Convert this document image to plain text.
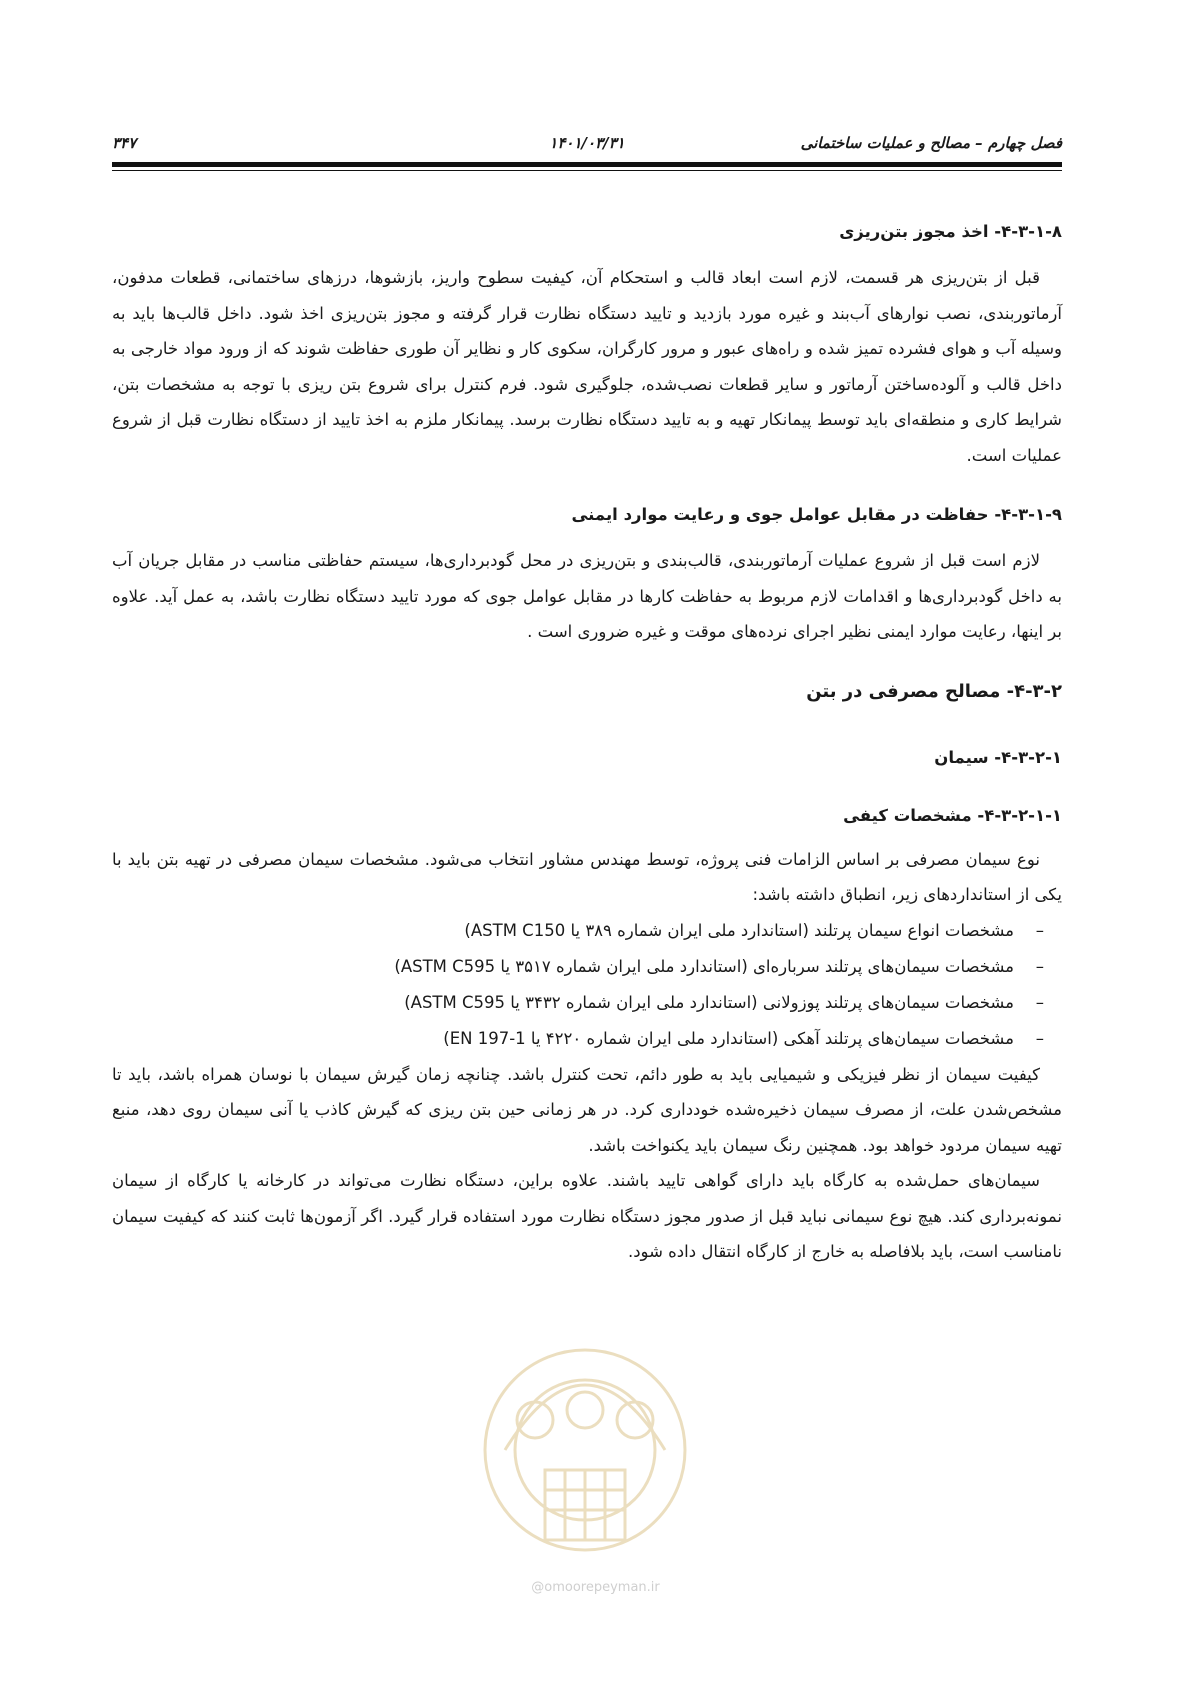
فصل چهارم – مصالح و عملیات ساختمانی
۱۴۰۱/۰۳/۳۱
۳۴۷
۴-۳-۱-۸- اخذ مجوز بتن‌ریزی

قبل از بتن‌ریزی هر قسمت، لازم است ابعاد قالب و استحکام آن، کیفیت سطوح واریز، بازشوها، درزهای ساختمانی، قطعات مدفون، آرماتوربندی، نصب نوارهای آب‌بند و غیره مورد بازدید و تایید دستگاه نظارت قرار گرفته و مجوز بتن‌ریزی اخذ شود. داخل قالب‌ها باید به وسیله آب و هوای فشرده تمیز شده و راه‌های عبور و مرور کارگران، سکوی کار و نظایر آن طوری حفاظت شوند که از ورود مواد خارجی به داخل قالب و آلوده‌ساختن آرماتور و سایر قطعات نصب‌شده، جلوگیری شود. فرم کنترل برای شروع بتن ریزی با توجه به مشخصات بتن، شرایط کاری و منطقه‌ای باید توسط پیمانکار تهیه و به تایید دستگاه نظارت برسد. پیمانکار ملزم به اخذ تایید از دستگاه نظارت قبل از شروع عملیات است.

۴-۳-۱-۹- حفاظت در مقابل عوامل جوی و رعایت موارد ایمنی

لازم است قبل از شروع عملیات آرماتوربندی، قالب‌بندی و بتن‌ریزی در محل گودبرداری‌ها، سیستم حفاظتی مناسب در مقابل جریان آب به داخل گودبرداری‌ها و اقدامات لازم مربوط به حفاظت کارها در مقابل عوامل جوی که مورد تایید دستگاه نظارت باشد، به عمل آید. علاوه بر اینها، رعایت موارد ایمنی نظیر اجرای نرده‌های موقت و غیره ضروری است .

۴-۳-۲- مصالح مصرفی در بتن
۴-۳-۲-۱- سیمان
۴-۳-۲-۱-۱- مشخصات کیفی

نوع سیمان مصرفی بر اساس الزامات فنی پروژه، توسط مهندس مشاور انتخاب می‌شود. مشخصات سیمان مصرفی در تهیه بتن باید با یکی از استانداردهای زیر، انطباق داشته باشد:

–
مشخصات انواع سیمان پرتلند (استاندارد ملی ایران شماره ۳۸۹ یا ASTM C150)
–
مشخصات سیمان‌های پرتلند سرباره‌ای (استاندارد ملی ایران شماره ۳۵۱۷ یا ASTM C595)
–
مشخصات سیمان‌های پرتلند پوزولانی (استاندارد ملی ایران شماره ۳۴۳۲ یا ASTM C595)
–
مشخصات سیمان‌های پرتلند آهکی (استاندارد ملی ایران شماره ۴۲۲۰ یا EN 197-1)

کیفیت سیمان از نظر فیزیکی و شیمیایی باید به طور دائم، تحت کنترل باشد. چنانچه زمان گیرش سیمان با نوسان همراه باشد، باید تا مشخص‌شدن علت، از مصرف سیمان ذخیره‌شده خودداری کرد. در هر زمانی حین بتن ریزی که گیرش کاذب یا آنی سیمان روی دهد، منبع تهیه سیمان مردود خواهد بود. همچنین رنگ سیمان باید یکنواخت باشد.

سیمان‌های حمل‌شده به کارگاه باید دارای گواهی تایید باشند. علاوه براین، دستگاه نظارت می‌تواند در کارخانه یا کارگاه از سیمان نمونه‌برداری کند. هیچ نوع سیمانی نباید قبل از صدور مجوز دستگاه نظارت مورد استفاده قرار گیرد. اگر آزمون‌ها ثابت کنند که کیفیت سیمان نامناسب است، باید بلافاصله به خارج از کارگاه انتقال داده شود.

@omoorepeyman.ir
